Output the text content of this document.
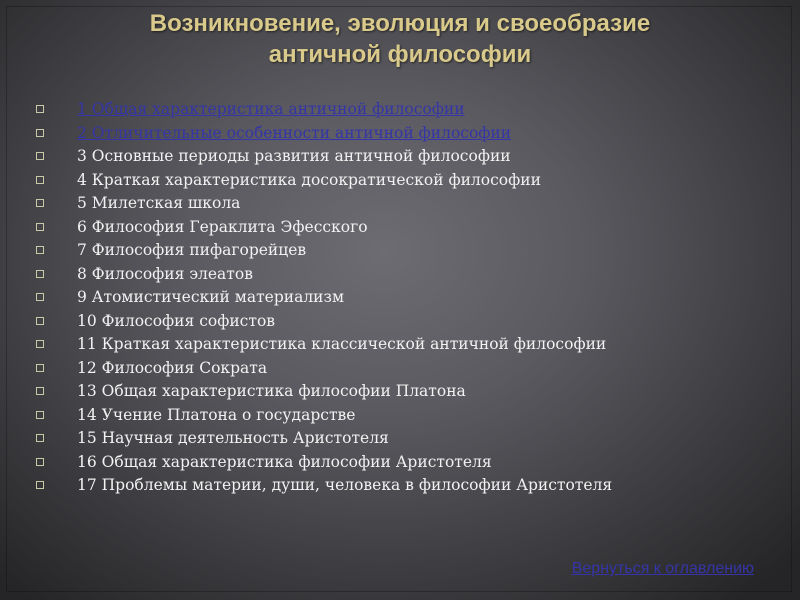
Возникновение, эволюция и своеобразие
античной философии
1 Общая характеристика античной философии
2 Отличительные особенности античной философии
3 Основные периоды развития античной философии
4 Краткая характеристика досократической философии
5 Милетская школа
6 Философия Гераклита Эфесского
7 Философия пифагорейцев
8 Философия элеатов
9 Атомистический материализм
10 Философия софистов
11 Краткая характеристика классической античной философии
12 Философия Сократа
13 Общая характеристика философии Платона
14 Учение Платона о государстве
15 Научная деятельность Аристотеля
16 Общая характеристика философии Аристотеля
17 Проблемы материи, души, человека в философии Аристотеля
Вернуться к оглавлению
